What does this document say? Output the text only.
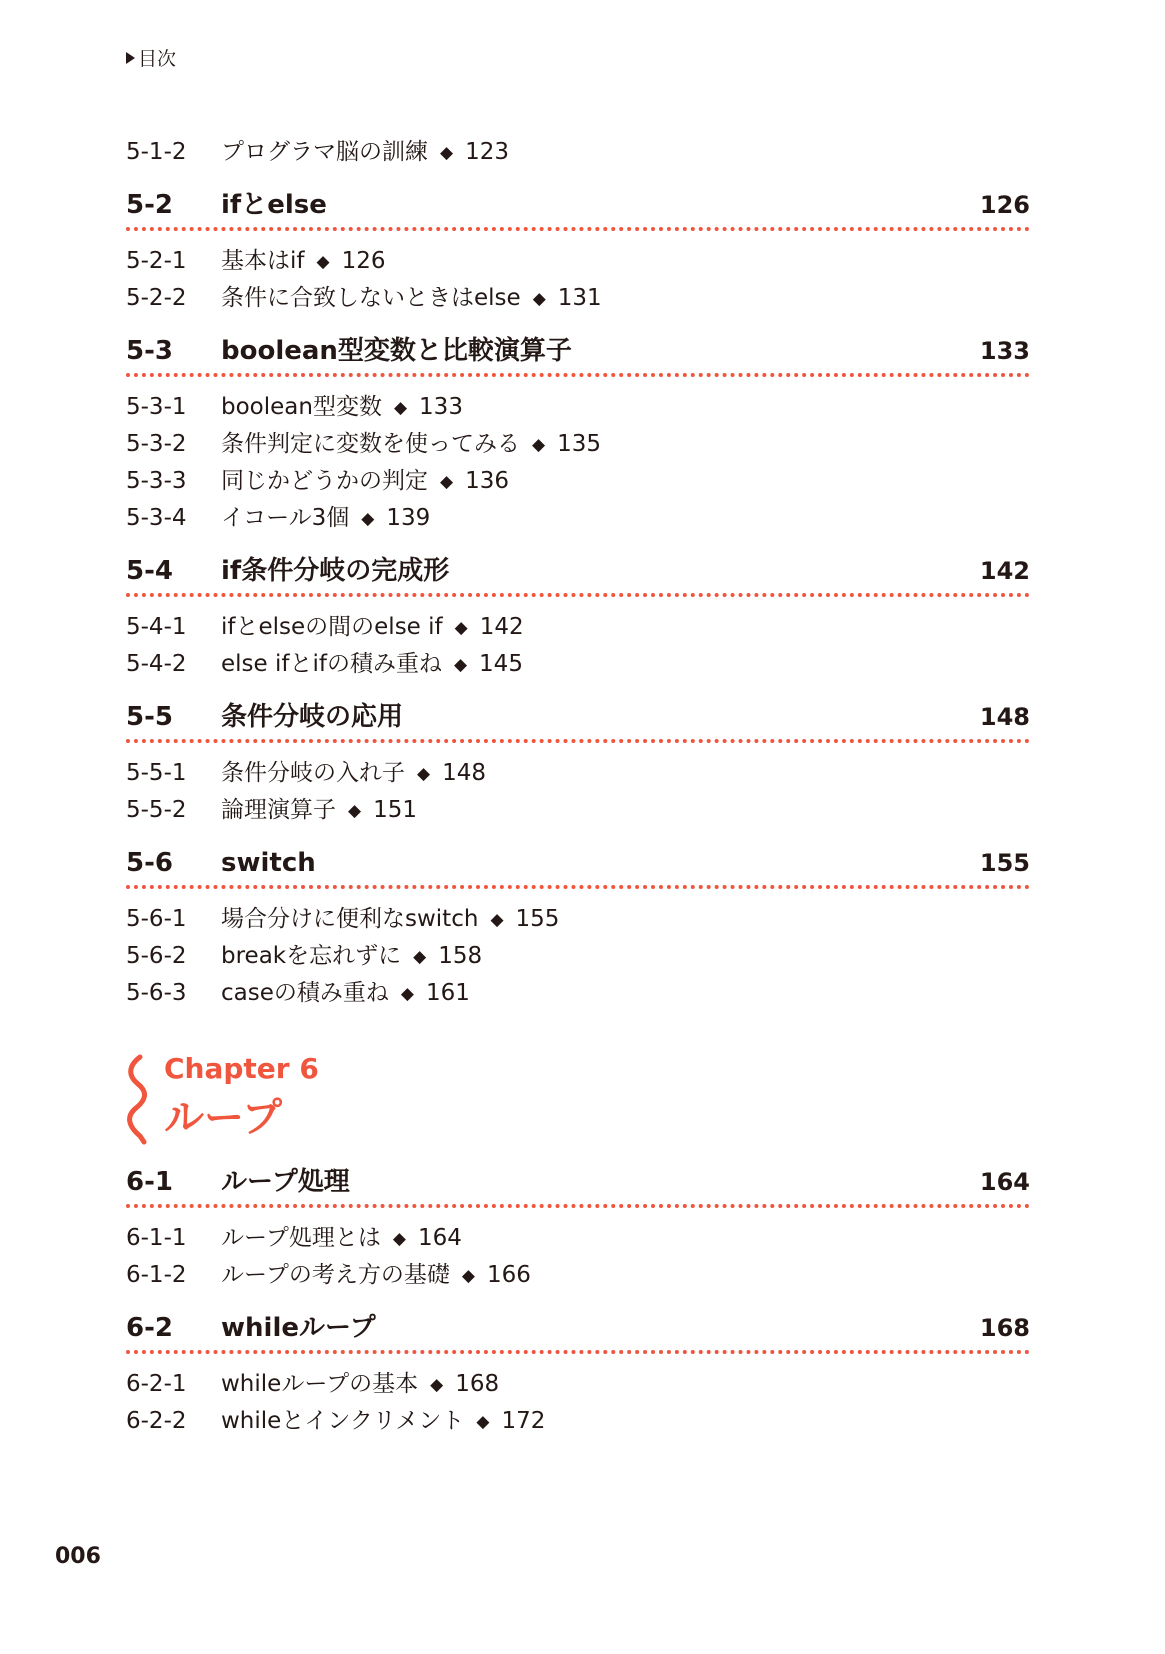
目次
5-1-2 プログラマ脳の訓練 ◆ 123
5-2 ifとelse	126
5-2-1 基本はif ◆ 126
5-2-2 条件に合致しないときはelse ◆ 131
5-3 boolean型変数と比較演算子	133
5-3-1 boolean型変数 ◆ 133
5-3-2 条件判定に変数を使ってみる ◆ 135
5-3-3 同じかどうかの判定 ◆ 136
5-3-4 イコール3個 ◆ 139
5-4 if条件分岐の完成形	142
5-4-1 ifとelseの間のelse if ◆ 142
5-4-2 else ifとifの積み重ね ◆ 145
5-5 条件分岐の応用	148
5-5-1 条件分岐の入れ子 ◆ 148
5-5-2 論理演算子 ◆ 151
5-6 switch	155
5-6-1 場合分けに便利なswitch ◆ 155
5-6-2 breakを忘れずに ◆ 158
5-6-3 caseの積み重ね ◆ 161
Chapter 6
ループ
6-1 ループ処理	164
6-1-1 ループ処理とは ◆ 164
6-1-2 ループの考え方の基礎 ◆ 166
6-2 whileループ	168
6-2-1 whileループの基本 ◆ 168
6-2-2 whileとインクリメント ◆ 172
006
